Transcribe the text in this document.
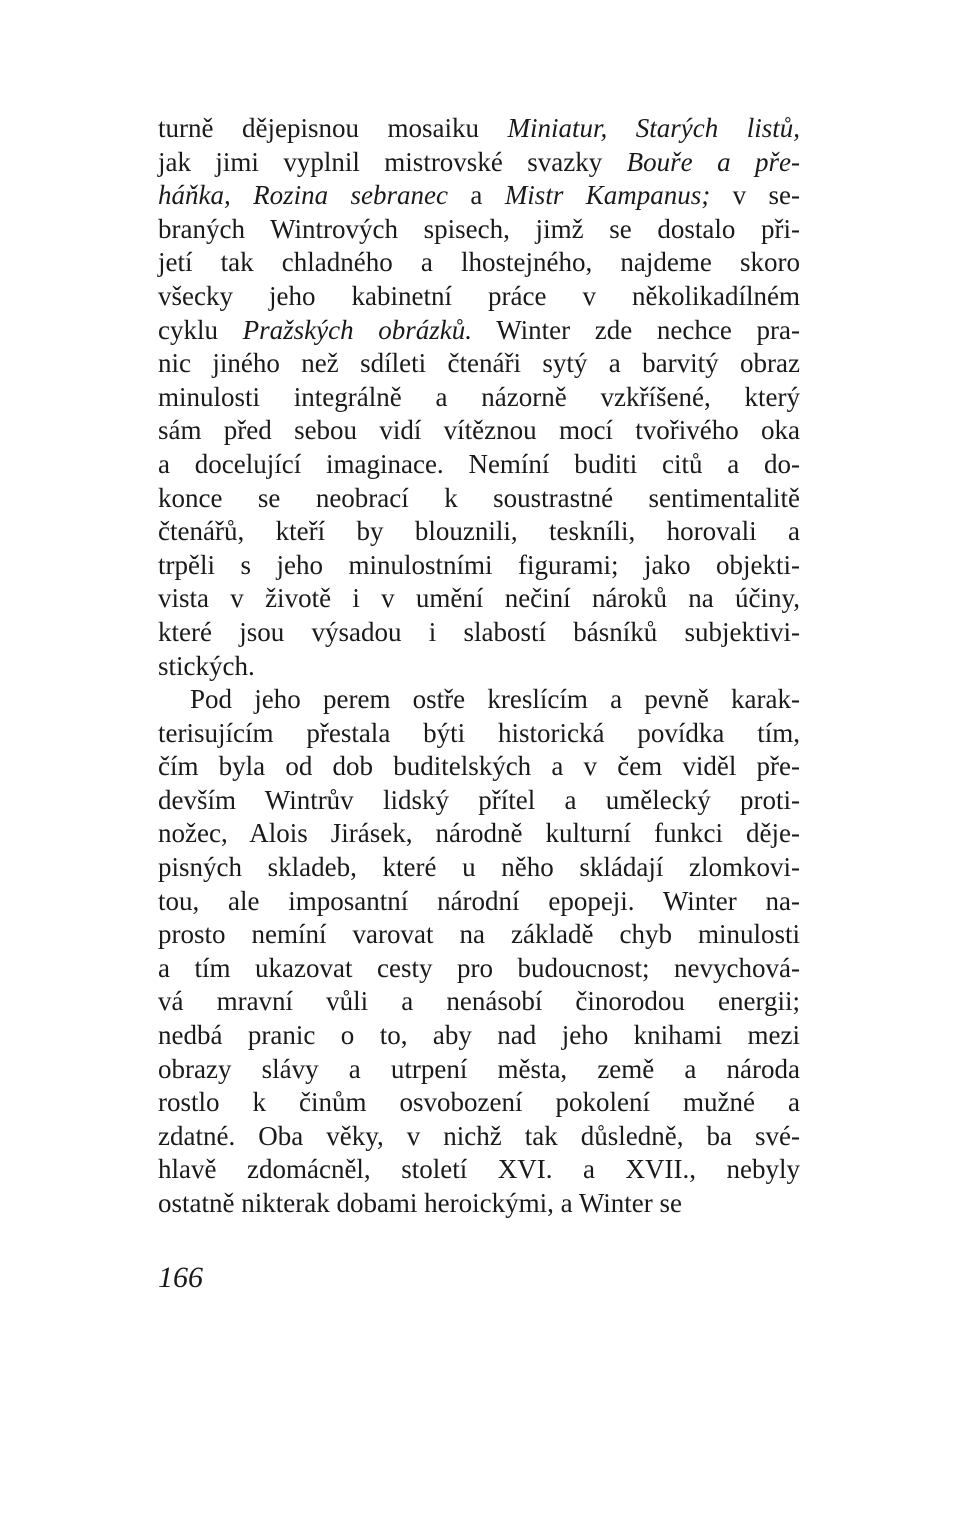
turně dějepisnou mosaiku Miniatur, Starých listů,
jak jimi vyplnil mistrovské svazky Bouře a pře-
háňka, Rozina sebranec a Mistr Kampanus; v se-
braných Wintrových spisech, jimž se dostalo při-
jetí tak chladného a lhostejného, najdeme skoro
všecky jeho kabinetní práce v několikadílném
cyklu Pražských obrázků. Winter zde nechce pra-
nic jiného než sdíleti čtenáři sytý a barvitý obraz
minulosti integrálně a názorně vzkříšené, který
sám před sebou vidí vítěznou mocí tvořivého oka
a docelující imaginace. Nemíní buditi citů a do-
konce se neobrací k soustrastné sentimentalitě
čtenářů, kteří by blouznili, teskníli, horovali a
trpěli s jeho minulostními figurami; jako objekti-
vista v životě i v umění nečiní nároků na účiny,
které jsou výsadou i slabostí básníků subjektivi-
stických.
Pod jeho perem ostře kreslícím a pevně karak-
terisujícím přestala býti historická povídka tím,
čím byla od dob buditelských a v čem viděl pře-
devším Wintrův lidský přítel a umělecký proti-
nožec, Alois Jirásek, národně kulturní funkci děje-
pisných skladeb, které u něho skládají zlomkovi-
tou, ale imposantní národní epopeji. Winter na-
prosto nemíní varovat na základě chyb minulosti
a tím ukazovat cesty pro budoucnost; nevychová-
vá mravní vůli a nenásobí činorodou energii;
nedbá pranic o to, aby nad jeho knihami mezi
obrazy slávy a utrpení města, země a národa
rostlo k činům osvobození pokolení mužné a
zdatné. Oba věky, v nichž tak důsledně, ba své-
hlavě zdomácněl, století XVI. a XVII., nebyly
ostatně nikterak dobami heroickými, a Winter se
166
